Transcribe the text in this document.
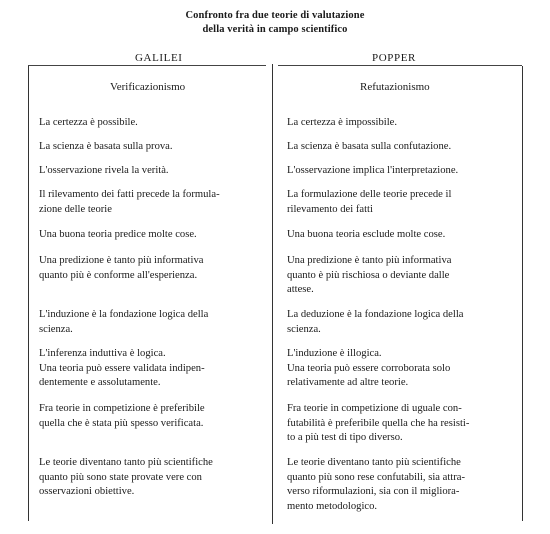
Confronto fra due teorie di valutazione
della verità in campo scientifico
GALILEI	POPPER
Verificazionismo	Refutazionismo
La certezza è possibile.
La scienza è basata sulla prova.
L'osservazione rivela la verità.
Il rilevamento dei fatti precede la formula-
zione delle teorie
Una buona teoria predice molte cose.
Una predizione è tanto più informativa
quanto più è conforme all'esperienza.
L'induzione è la fondazione logica della
scienza.
L'inferenza induttiva è logica.
Una teoria può essere validata indipen-
dentemente e assolutamente.
Fra teorie in competizione è preferibile
quella che è stata più spesso verificata.
Le teorie diventano tanto più scientifiche
quanto più sono state provate vere con
osservazioni obiettive.
La certezza è impossibile.
La scienza è basata sulla confutazione.
L'osservazione implica l'interpretazione.
La formulazione delle teorie precede il
rilevamento dei fatti
Una buona teoria esclude molte cose.
Una predizione è tanto più informativa
quanto è più rischiosa o deviante dalle
attese.
La deduzione è la fondazione logica della
scienza.
L'induzione è illogica.
Una teoria può essere corroborata solo
relativamente ad altre teorie.
Fra teorie in competizione di uguale con-
futabilità è preferibile quella che ha resisti-
to a più test di tipo diverso.
Le teorie diventano tanto più scientifiche
quanto più sono rese confutabili, sia attra-
verso riformulazioni, sia con il migliora-
mento metodologico.
